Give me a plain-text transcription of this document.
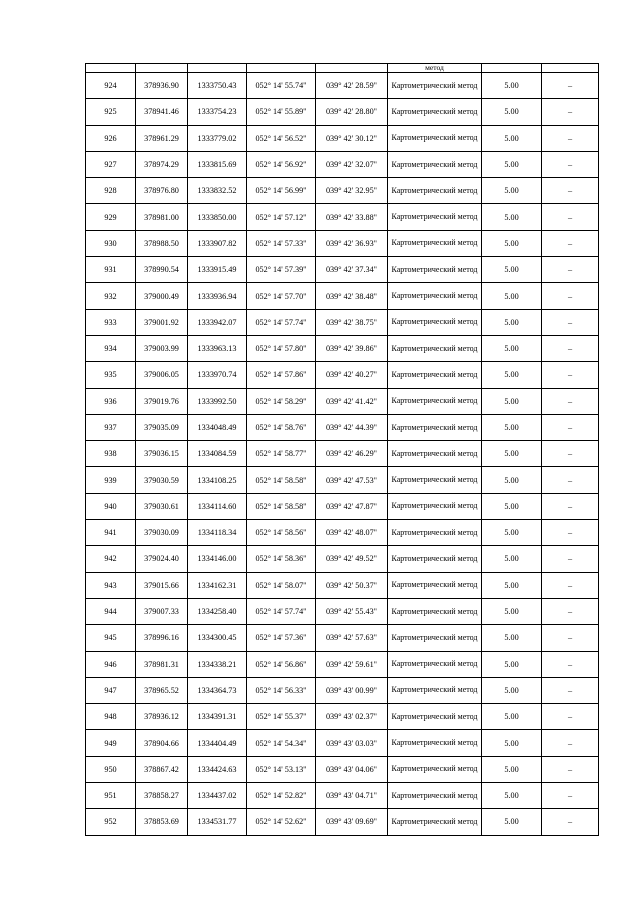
					метод		
924	378936.90	1333750.43	052° 14' 55.74"	039° 42' 28.59"	Картометрический метод	5.00	–
925	378941.46	1333754.23	052° 14' 55.89"	039° 42' 28.80"	Картометрический метод	5.00	–
926	378961.29	1333779.02	052° 14' 56.52"	039° 42' 30.12"	Картометрический метод	5.00	–
927	378974.29	1333815.69	052° 14' 56.92"	039° 42' 32.07"	Картометрический метод	5.00	–
928	378976.80	1333832.52	052° 14' 56.99"	039° 42' 32.95"	Картометрический метод	5.00	–
929	378981.00	1333850.00	052° 14' 57.12"	039° 42' 33.88"	Картометрический метод	5.00	–
930	378988.50	1333907.82	052° 14' 57.33"	039° 42' 36.93"	Картометрический метод	5.00	–
931	378990.54	1333915.49	052° 14' 57.39"	039° 42' 37.34"	Картометрический метод	5.00	–
932	379000.49	1333936.94	052° 14' 57.70"	039° 42' 38.48"	Картометрический метод	5.00	–
933	379001.92	1333942.07	052° 14' 57.74"	039° 42' 38.75"	Картометрический метод	5.00	–
934	379003.99	1333963.13	052° 14' 57.80"	039° 42' 39.86"	Картометрический метод	5.00	–
935	379006.05	1333970.74	052° 14' 57.86"	039° 42' 40.27"	Картометрический метод	5.00	–
936	379019.76	1333992.50	052° 14' 58.29"	039° 42' 41.42"	Картометрический метод	5.00	–
937	379035.09	1334048.49	052° 14' 58.76"	039° 42' 44.39"	Картометрический метод	5.00	–
938	379036.15	1334084.59	052° 14' 58.77"	039° 42' 46.29"	Картометрический метод	5.00	–
939	379030.59	1334108.25	052° 14' 58.58"	039° 42' 47.53"	Картометрический метод	5.00	–
940	379030.61	1334114.60	052° 14' 58.58"	039° 42' 47.87"	Картометрический метод	5.00	–
941	379030.09	1334118.34	052° 14' 58.56"	039° 42' 48.07"	Картометрический метод	5.00	–
942	379024.40	1334146.00	052° 14' 58.36"	039° 42' 49.52"	Картометрический метод	5.00	–
943	379015.66	1334162.31	052° 14' 58.07"	039° 42' 50.37"	Картометрический метод	5.00	–
944	379007.33	1334258.40	052° 14' 57.74"	039° 42' 55.43"	Картометрический метод	5.00	–
945	378996.16	1334300.45	052° 14' 57.36"	039° 42' 57.63"	Картометрический метод	5.00	–
946	378981.31	1334338.21	052° 14' 56.86"	039° 42' 59.61"	Картометрический метод	5.00	–
947	378965.52	1334364.73	052° 14' 56.33"	039° 43' 00.99"	Картометрический метод	5.00	–
948	378936.12	1334391.31	052° 14' 55.37"	039° 43' 02.37"	Картометрический метод	5.00	–
949	378904.66	1334404.49	052° 14' 54.34"	039° 43' 03.03"	Картометрический метод	5.00	–
950	378867.42	1334424.63	052° 14' 53.13"	039° 43' 04.06"	Картометрический метод	5.00	–
951	378858.27	1334437.02	052° 14' 52.82"	039° 43' 04.71"	Картометрический метод	5.00	–
952	378853.69	1334531.77	052° 14' 52.62"	039° 43' 09.69"	Картометрический метод	5.00	–
